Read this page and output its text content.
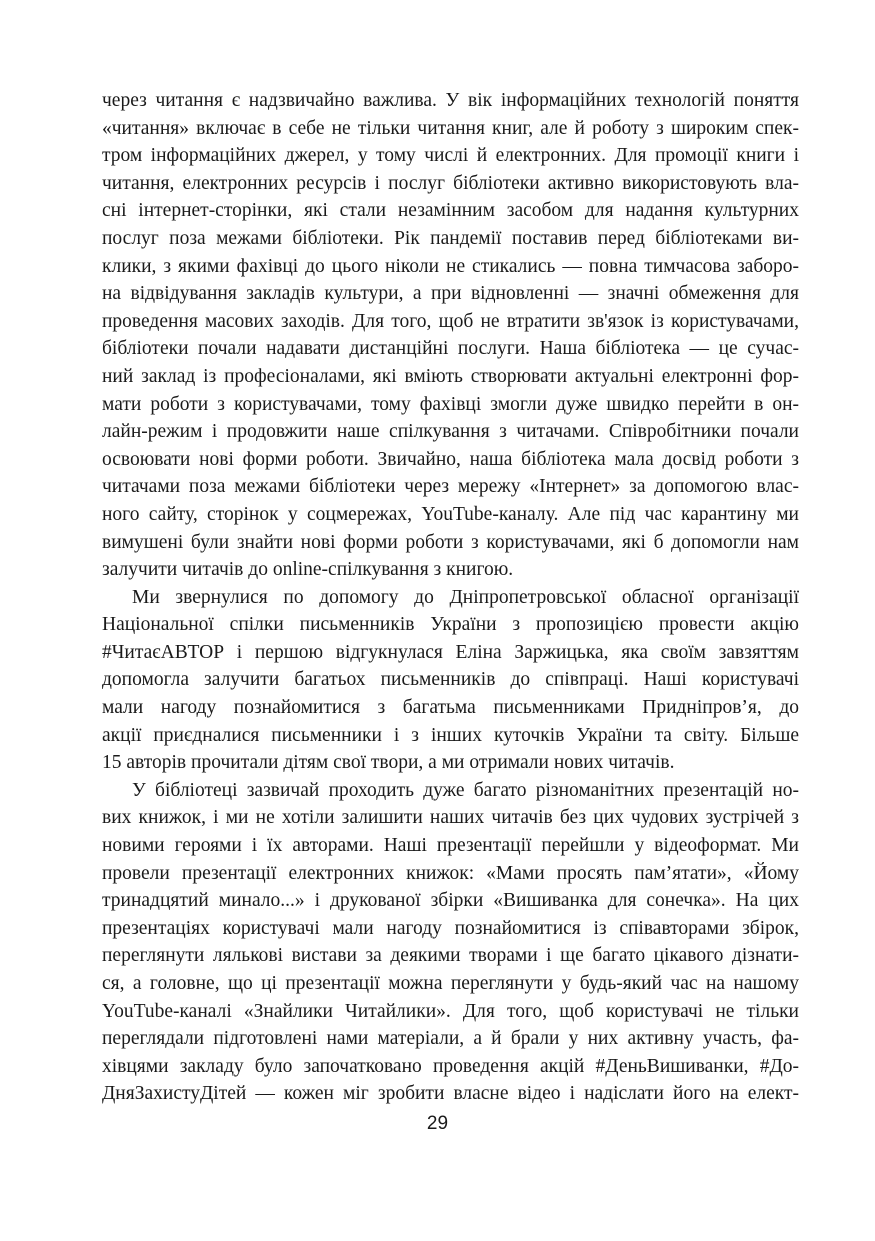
через читання є надзвичайно важлива. У вік інформаційних технологій поняття
«читання» включає в себе не тільки читання книг, але й роботу з широким спек-
тром інформаційних джерел, у тому числі й електронних. Для промоції книги і
читання, електронних ресурсів і послуг бібліотеки активно використовують вла-
сні інтернет-сторінки, які стали незамінним засобом для надання культурних
послуг поза межами бібліотеки. Рік пандемії поставив перед бібліотеками ви-
клики, з якими фахівці до цього ніколи не стикались — повна тимчасова заборо-
на відвідування закладів культури, а при відновленні — значні обмеження для
проведення масових заходів. Для того, щоб не втратити зв'язок із користувачами,
бібліотеки почали надавати дистанційні послуги. Наша бібліотека — це сучас-
ний заклад із професіоналами, які вміють створювати актуальні електронні фор-
мати роботи з користувачами, тому фахівці змогли дуже швидко перейти в он-
лайн-режим і продовжити наше спілкування з читачами. Співробітники почали
освоювати нові форми роботи. Звичайно, наша бібліотека мала досвід роботи з
читачами поза межами бібліотеки через мережу «Інтернет» за допомогою влас-
ного сайту, сторінок у соцмережах, YouTube-каналу. Але під час карантину ми
вимушені були знайти нові форми роботи з користувачами, які б допомогли нам
залучити читачів до online-спілкування з книгою.
Ми звернулися по допомогу до Дніпропетровської обласної організації
Національної спілки письменників України з пропозицією провести акцію
#ЧитаєАВТОР і першою відгукнулася Еліна Заржицька, яка своїм завзяттям
допомогла залучити багатьох письменників до співпраці. Наші користувачі
мали нагоду познайомитися з багатьма письменниками Придніпров’я, до
акції приєдналися письменники і з інших куточків України та світу. Більше
15 авторів прочитали дітям свої твори, а ми отримали нових читачів.
У бібліотеці зазвичай проходить дуже багато різноманітних презентацій но-
вих книжок, і ми не хотіли залишити наших читачів без цих чудових зустрічей з
новими героями і їх авторами. Наші презентації перейшли у відеоформат. Ми
провели презентації електронних книжок: «Мами просять пам’ятати», «Йому
тринадцятий минало...» і друкованої збірки «Вишиванка для сонечка». На цих
презентаціях користувачі мали нагоду познайомитися із співавторами збірок,
переглянути лялькові вистави за деякими творами і ще багато цікавого дізнати-
ся, а головне, що ці презентації можна переглянути у будь-який час на нашому
YouTube-каналі «Знайлики Читайлики». Для того, щоб користувачі не тільки
переглядали підготовлені нами матеріали, а й брали у них активну участь, фа-
хівцями закладу було започатковано проведення акцій #ДеньВишиванки, #До-
ДняЗахистуДітей — кожен міг зробити власне відео і надіслати його на елект-
29
